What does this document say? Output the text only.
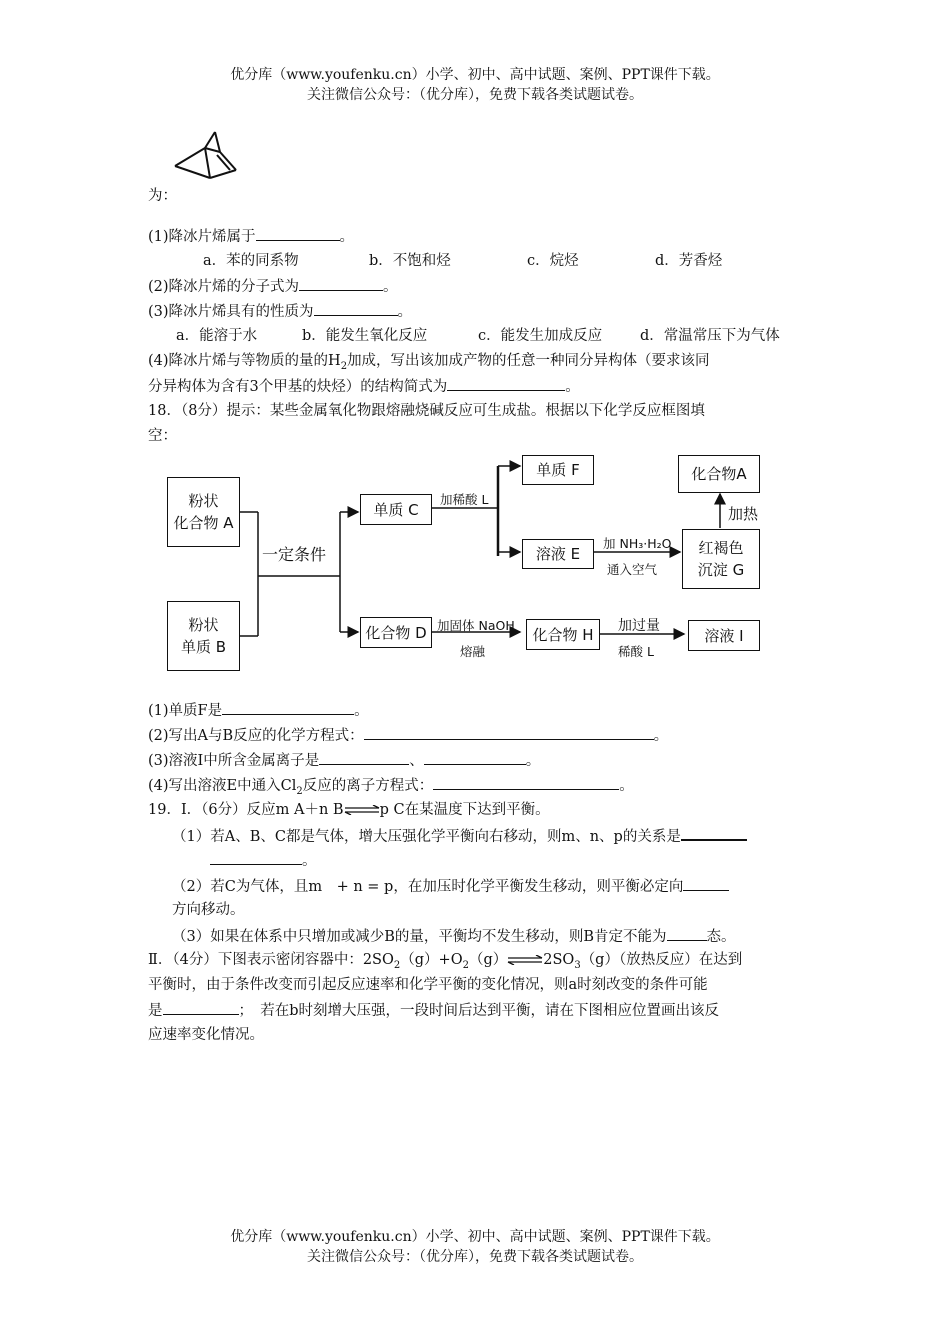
优分库（www.youfenku.cn）小学、初中、高中试题、案例、PPT课件下载。
关注微信公众号：（优分库），免费下载各类试题试卷。
为：
(1)降冰片烯属于	。
a．苯的同系物	b．不饱和烃	c．烷烃	d．芳香烃
(2)降冰片烯的分子式为	。
(3)降冰片烯具有的性质为	。
a．能溶于水	b．能发生氧化反应	c．能发生加成反应	d．常温常压下为气体
(4)降冰片烯与等物质的量的$H_2$加成，写出该加成产物的任意一种同分异构体（要求该同
分异构体为含有3个甲基的炔烃）的结构简式为	。
18．（8分）提示：某些金属氧化物跟熔融烧碱反应可生成盐。根据以下化学反应框图填
空：
粉状
化合物 A
粉状
单质 B
一定条件
单质 C
化合物 D
加稀酸 L
单质 F
溶液 E
加 NH₃·H₂O
通入空气
红褐色
沉淀 G
化合物A
加热
加固体 NaOH
熔融
化合物 H	加过量
稀酸 L
溶液 I
(1)单质F是	。
(2)写出A与B反应的化学方程式：	。
(3)溶液I中所含金属离子是	、	。
(4)写出溶液E中通入$Cl_2$反应的离子方程式：	。
19．Ⅰ．（6分）反应m A＋n B⇌p C在某温度下达到平衡。
（1）若A、B、C都是气体，增大压强化学平衡向右移动，则m、n、p的关系是
。
（2）若C为气体，且m　+ n = p，在加压时化学平衡发生移动，则平衡必定向
方向移动。
（3）如果在体系中只增加或减少B的量，平衡均不发生移动，则B肯定不能为	态。
Ⅱ．（4分）下图表示密闭容器中：$2SO_2(g)+O_2(g)\rightleftharpoons 2SO_3(g)$（放热反应）在达到
平衡时，由于条件改变而引起反应速率和化学平衡的变化情况，则a时刻改变的条件可能
是	；　若在b时刻增大压强，一段时间后达到平衡，请在下图相应位置画出该反
应速率变化情况。
优分库（www.youfenku.cn）小学、初中、高中试题、案例、PPT课件下载。
关注微信公众号：（优分库），免费下载各类试题试卷。
